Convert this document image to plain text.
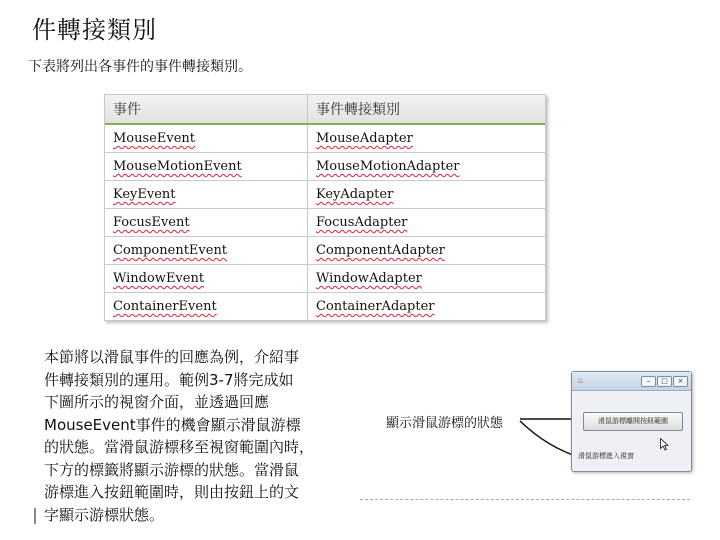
件轉接類別
下表將列出各事件的事件轉接類別。
事件	事件轉接類別
MouseEvent	MouseAdapter
MouseMotionEvent	MouseMotionAdapter
KeyEvent	KeyAdapter
FocusEvent	FocusAdapter
ComponentEvent	ComponentAdapter
WindowEvent	WindowAdapter
ContainerEvent	ContainerAdapter
本節將以滑鼠事件的回應為例，介紹事
件轉接類別的運用。範例3-7將完成如
下圖所示的視窗介面，並透過回應
MouseEvent事件的機會顯示滑鼠游標
的狀態。當滑鼠游標移至視窗範圍內時，
下方的標籤將顯示游標的狀態。當滑鼠
游標進入按鈕範圍時，則由按鈕上的文
字顯示游標狀態。
顯示滑鼠游標的狀態
♨	–	□	×
滑鼠游標離開按鈕範圍
滑鼠游標進入視窗
